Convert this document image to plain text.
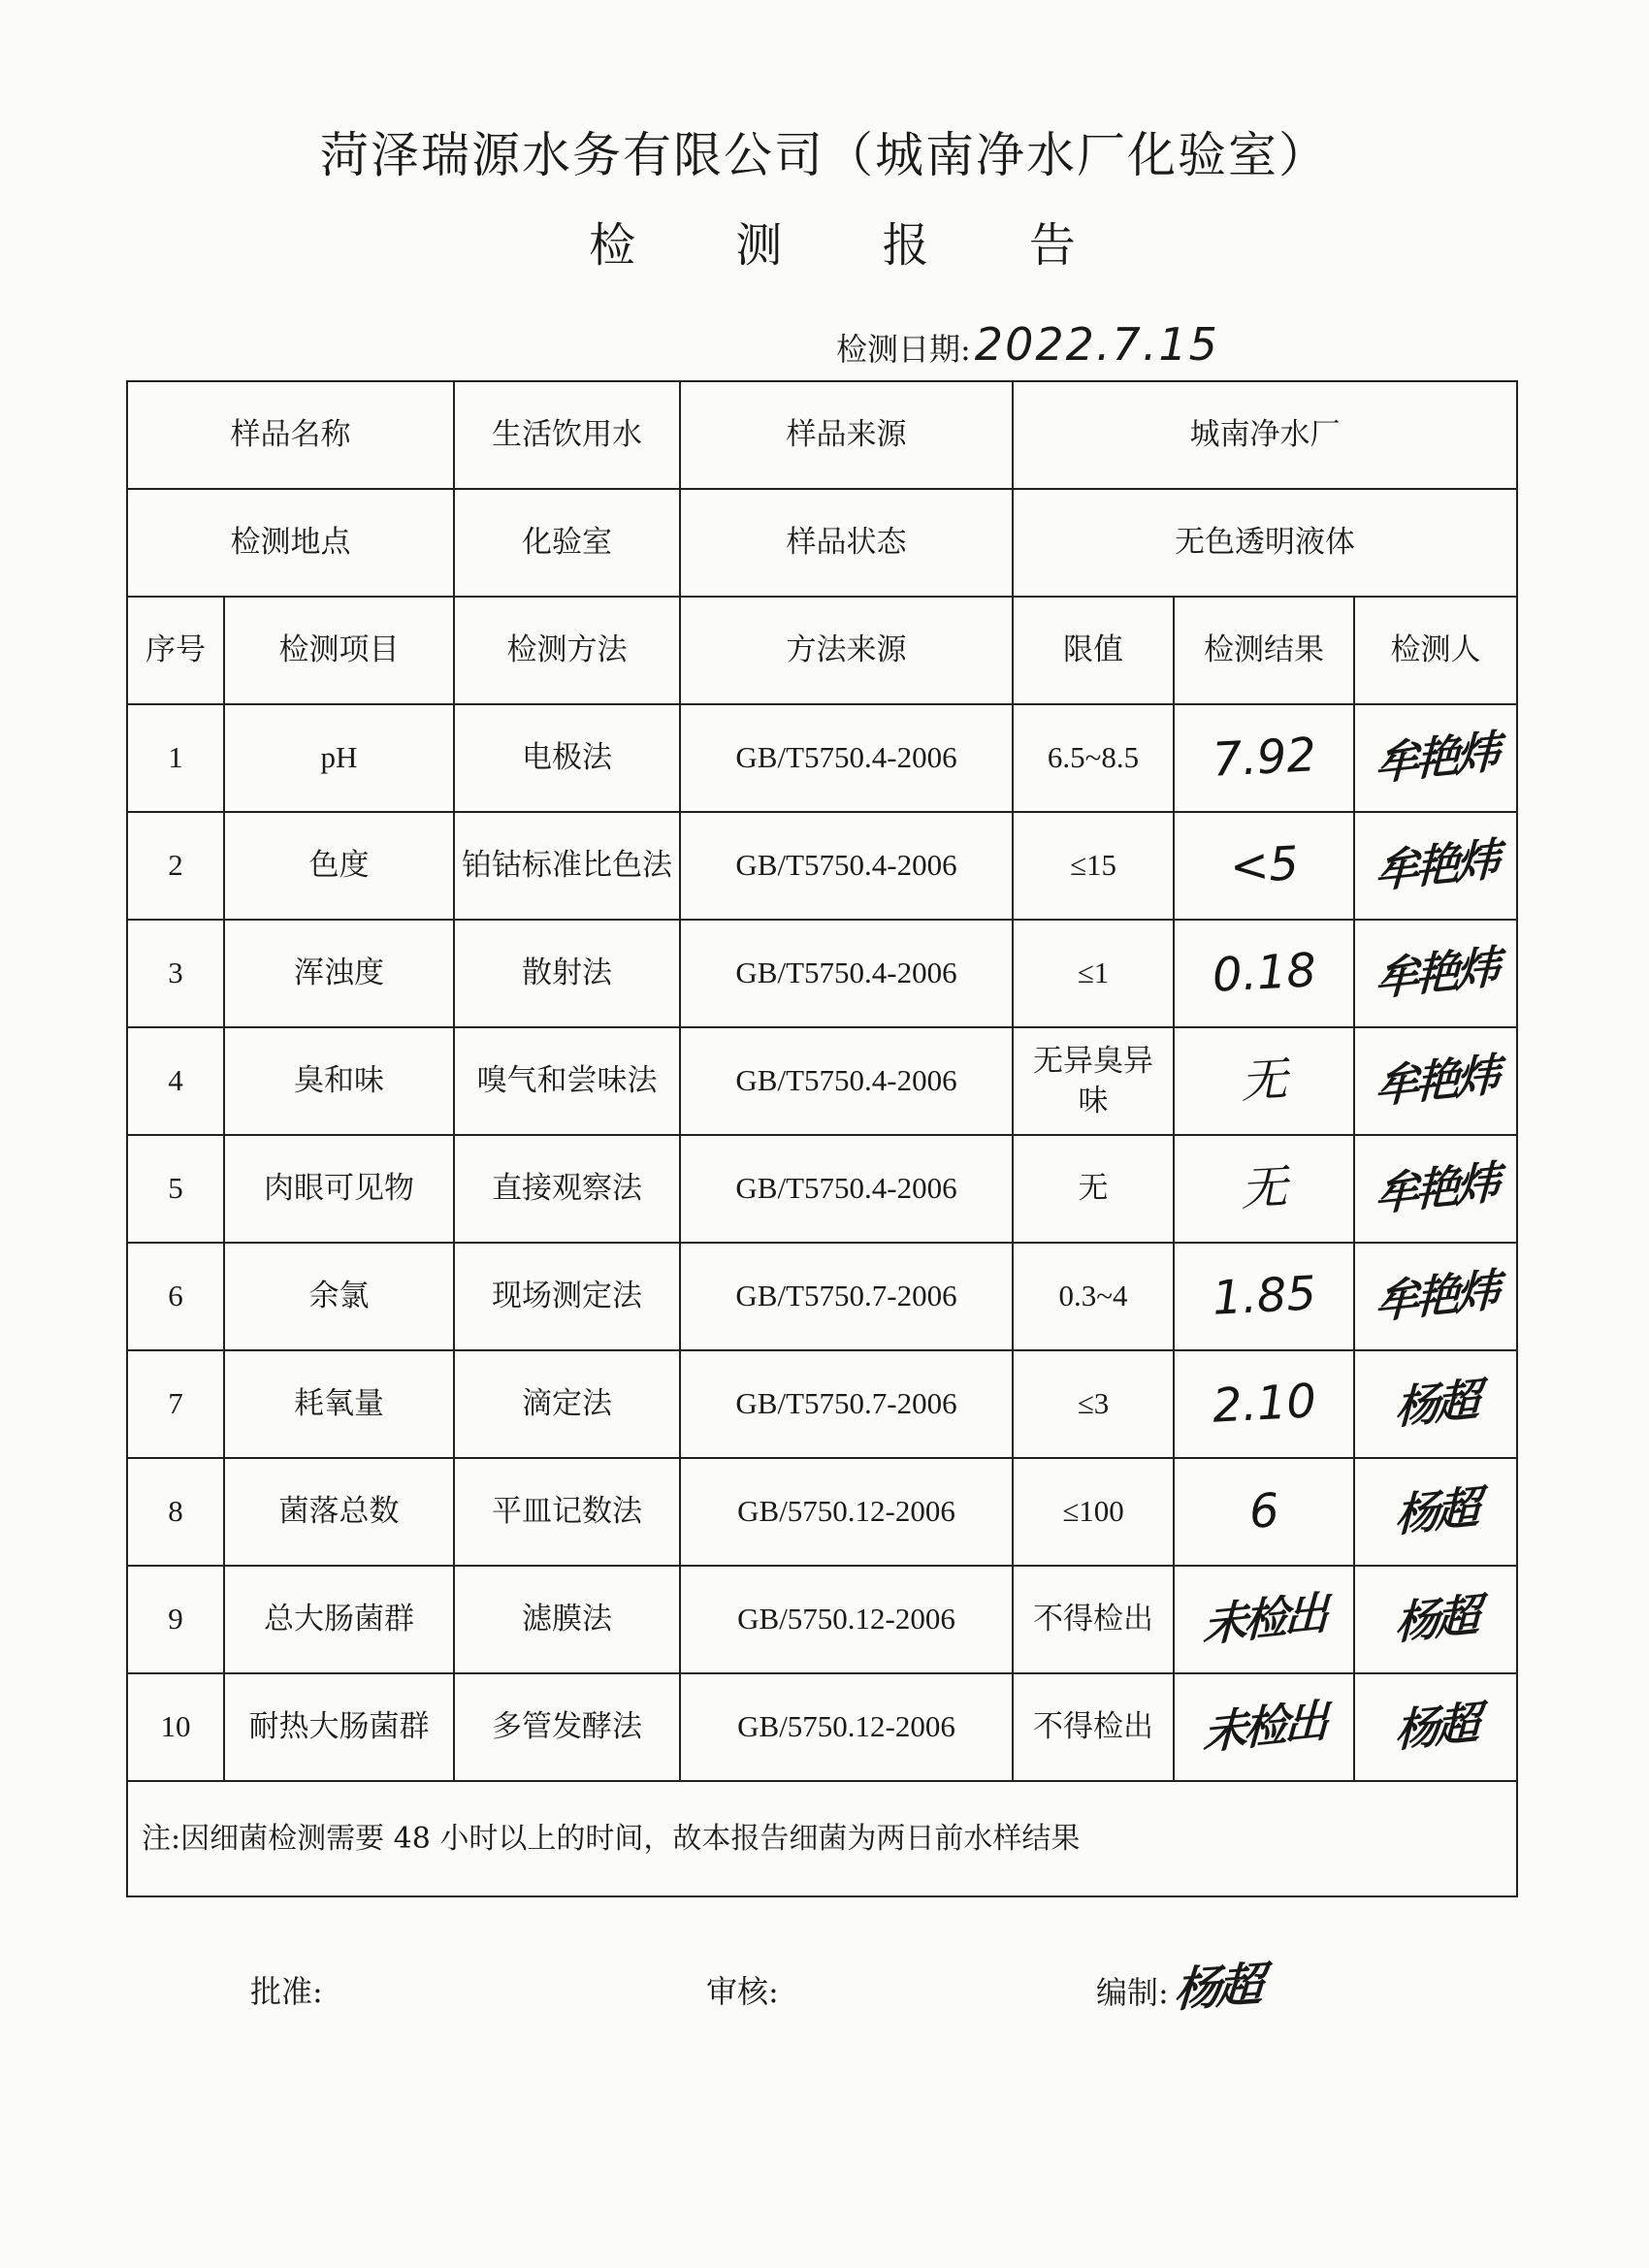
菏泽瑞源水务有限公司（城南净水厂化验室）
检 测 报 告
检测日期:2022.7.15
样品名称		生活饮用水	样品来源	城南净水厂		
检测地点		化验室	样品状态	无色透明液体		
序号	检测项目	检测方法	方法来源	限值	检测结果	检测人
1	pH	电极法	GB/T5750.4-2006	6.5~8.5	7.92	牟艳炜
2	色度	铂钴标准比色法	GB/T5750.4-2006	≤15	<5	牟艳炜
3	浑浊度	散射法	GB/T5750.4-2006	≤1	0.18	牟艳炜
4	臭和味	嗅气和尝味法	GB/T5750.4-2006	无异臭异味	无	牟艳炜
5	肉眼可见物	直接观察法	GB/T5750.4-2006	无	无	牟艳炜
6	余氯	现场测定法	GB/T5750.7-2006	0.3~4	1.85	牟艳炜
7	耗氧量	滴定法	GB/T5750.7-2006	≤3	2.10	杨超
8	菌落总数	平皿记数法	GB/5750.12-2006	≤100	6	杨超
9	总大肠菌群	滤膜法	GB/5750.12-2006	不得检出	未检出	杨超
10	耐热大肠菌群	多管发酵法	GB/5750.12-2006	不得检出	未检出	杨超
注:因细菌检测需要 48 小时以上的时间，故本报告细菌为两日前水样结果						
批准:	审核:	编制:杨超
